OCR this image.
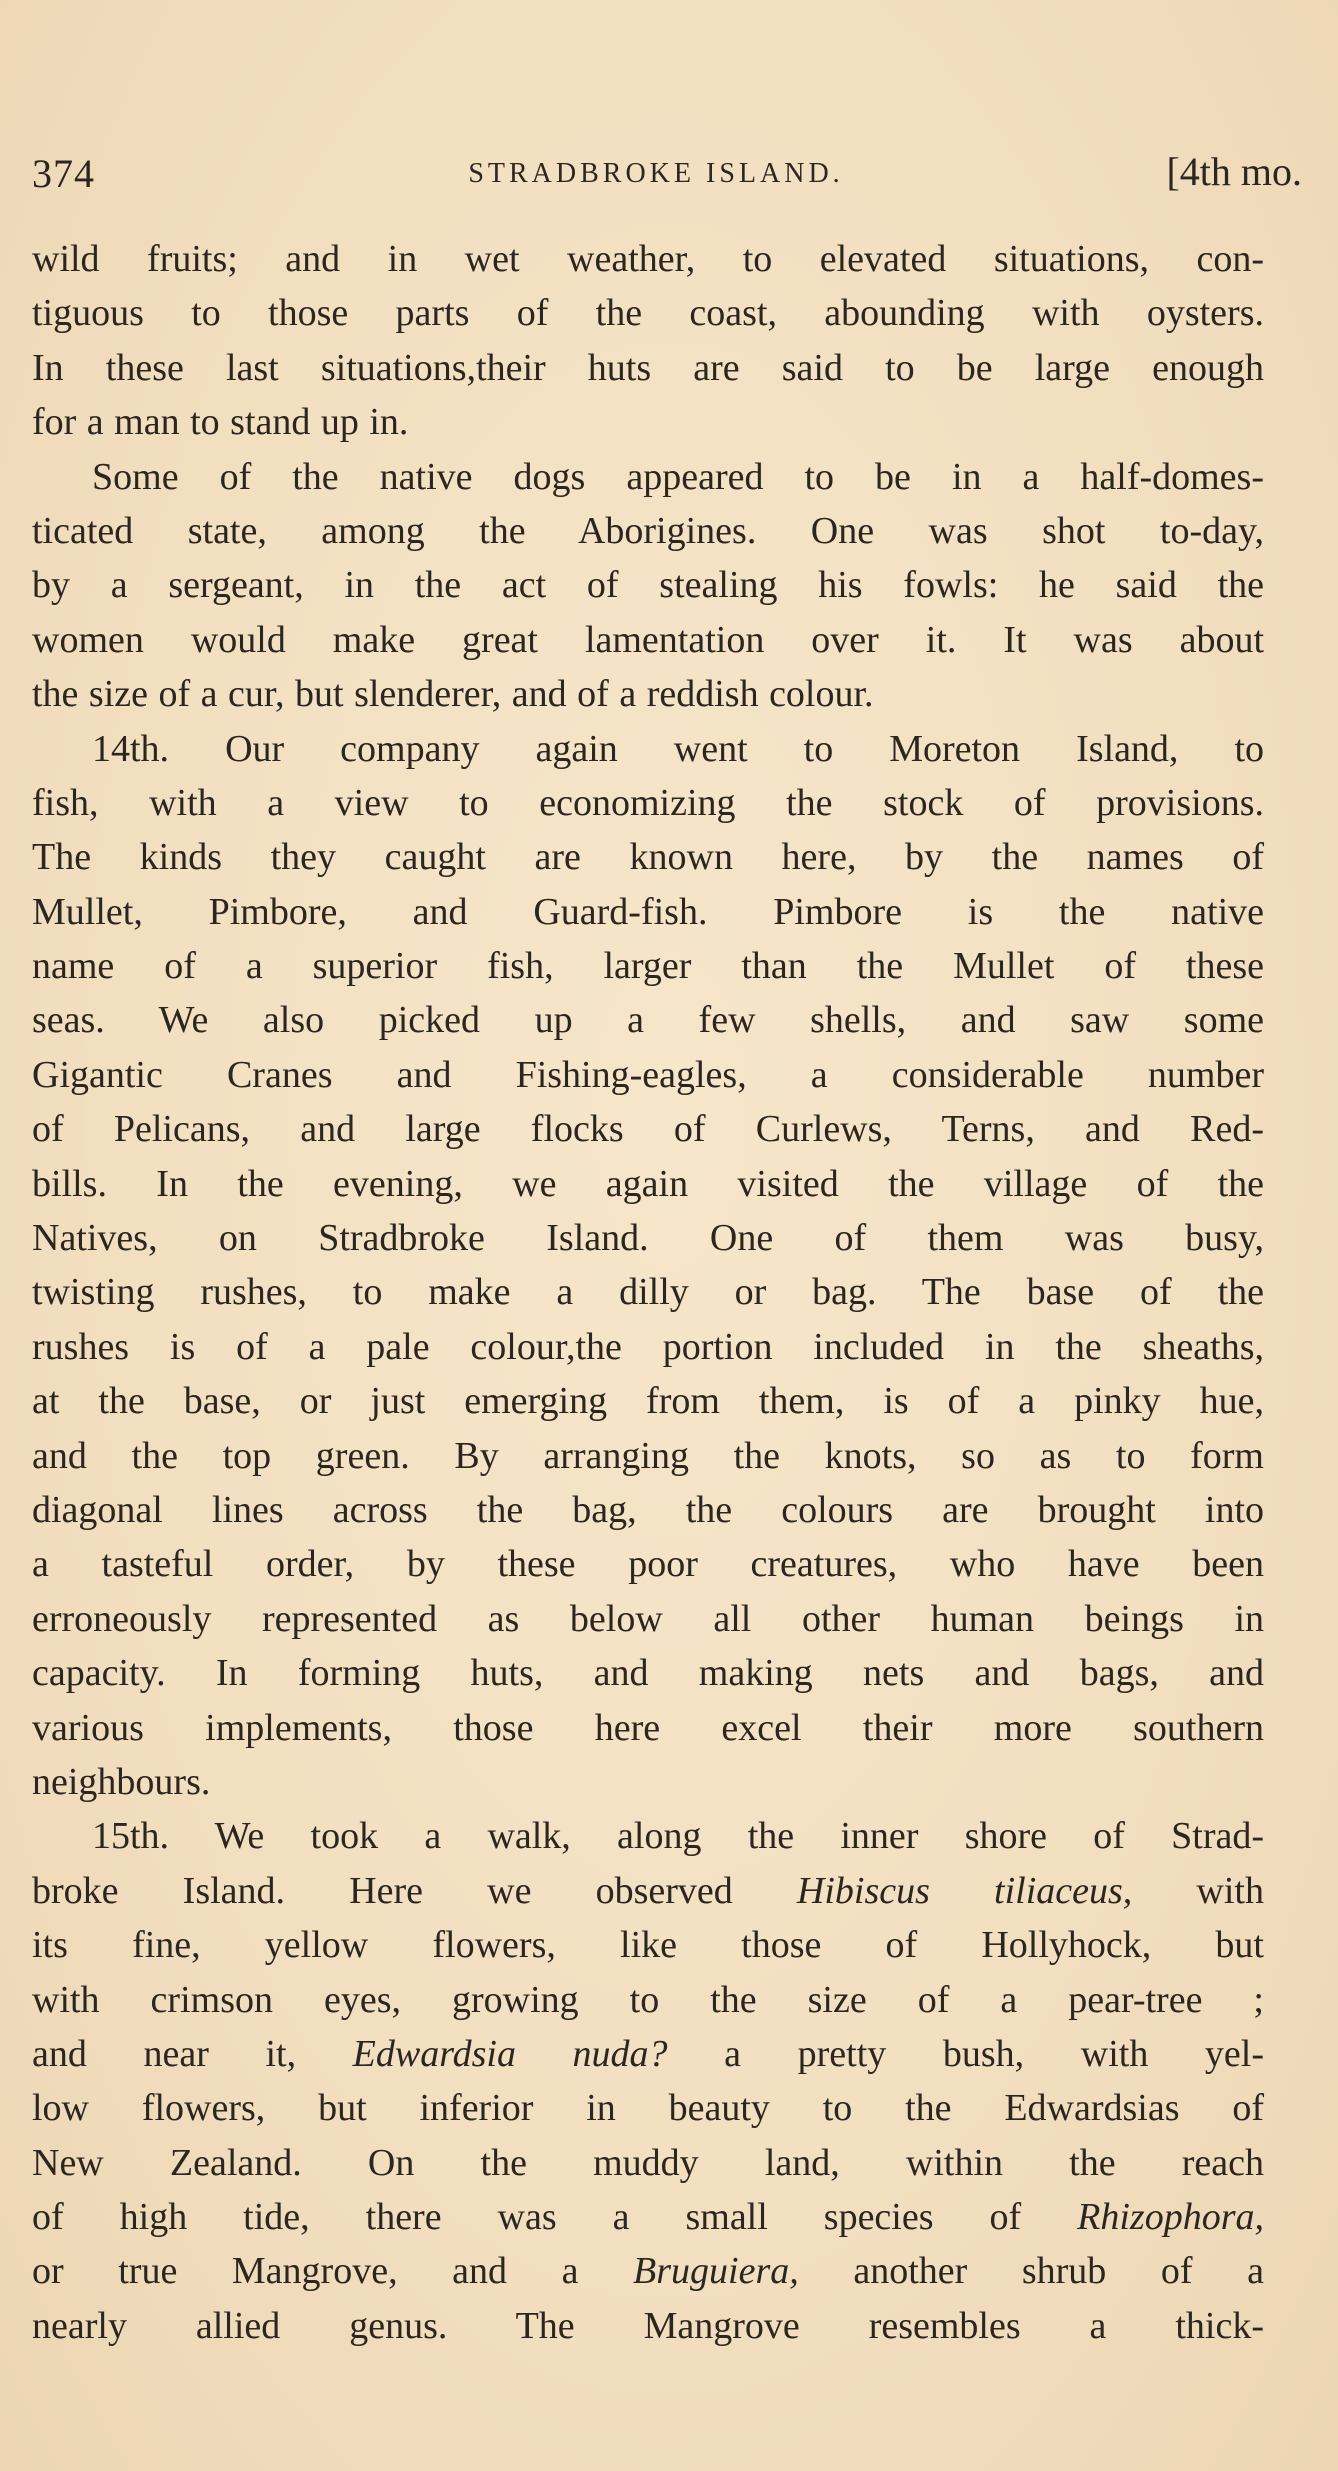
374	STRADBROKE ISLAND.	[4th mo.
wild fruits; and in wet weather, to elevated situations, con-
tiguous to those parts of the coast, abounding with oysters.
In these last situations,their huts are said to be large enough
for a man to stand up in.
Some of the native dogs appeared to be in a half-domes-
ticated state, among the Aborigines. One was shot to-day,
by a sergeant, in the act of stealing his fowls: he said the
women would make great lamentation over it. It was about
the size of a cur, but slenderer, and of a reddish colour.
14th. Our company again went to Moreton Island, to
fish, with a view to economizing the stock of provisions.
The kinds they caught are known here, by the names of
Mullet, Pimbore, and Guard-fish. Pimbore is the native
name of a superior fish, larger than the Mullet of these
seas. We also picked up a few shells, and saw some
Gigantic Cranes and Fishing-eagles, a considerable number
of Pelicans, and large flocks of Curlews, Terns, and Red-
bills. In the evening, we again visited the village of the
Natives, on Stradbroke Island. One of them was busy,
twisting rushes, to make a dilly or bag. The base of the
rushes is of a pale colour,the portion included in the sheaths,
at the base, or just emerging from them, is of a pinky hue,
and the top green. By arranging the knots, so as to form
diagonal lines across the bag, the colours are brought into
a tasteful order, by these poor creatures, who have been
erroneously represented as below all other human beings in
capacity. In forming huts, and making nets and bags, and
various implements, those here excel their more southern
neighbours.
15th. We took a walk, along the inner shore of Strad-
broke Island. Here we observed Hibiscus tiliaceus, with
its fine, yellow flowers, like those of Hollyhock, but
with crimson eyes, growing to the size of a pear-tree ;
and near it, Edwardsia nuda? a pretty bush, with yel-
low flowers, but inferior in beauty to the Edwardsias of
New Zealand. On the muddy land, within the reach
of high tide, there was a small species of Rhizophora,
or true Mangrove, and a Bruguiera, another shrub of a
nearly allied genus. The Mangrove resembles a thick-
